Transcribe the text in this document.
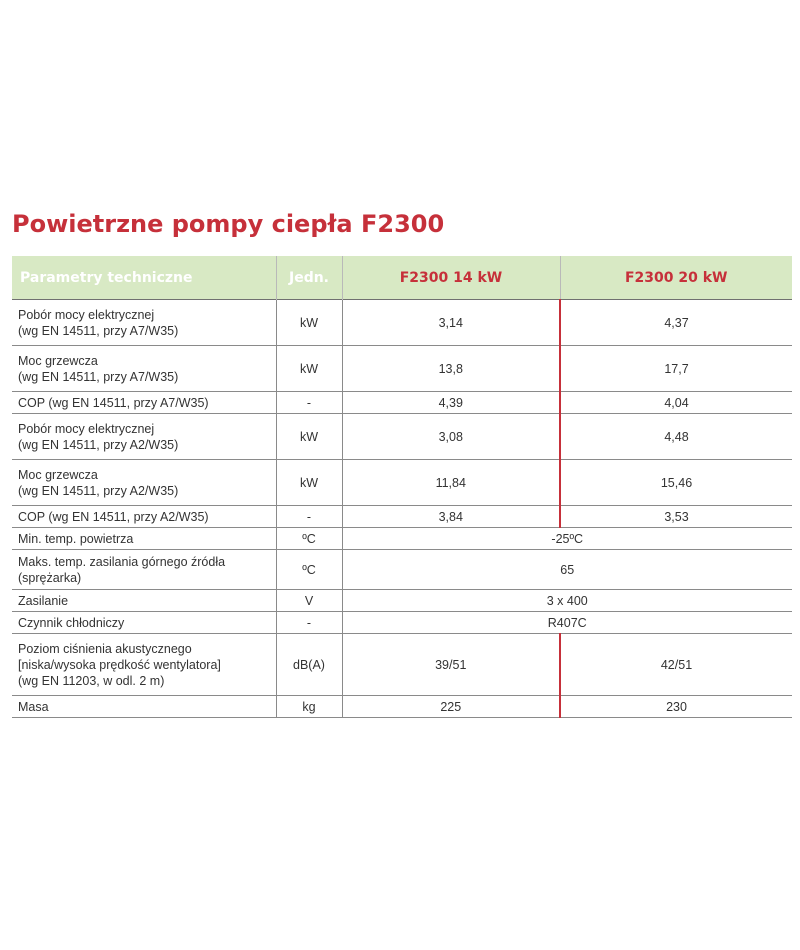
Powietrzne pompy ciepła F2300
Parametry techniczne	Jedn.	F2300 14 kW	F2300 20 kW

Pobór mocy elektrycznej
(wg EN 14511, przy A7/W35)	kW	3,14	4,37

Moc grzewcza
(wg EN 14511, przy A7/W35)	kW	13,8	17,7

COP (wg EN 14511, przy A7/W35)	-	4,39	4,04

Pobór mocy elektrycznej
(wg EN 14511, przy A2/W35)	kW	3,08	4,48

Moc grzewcza
(wg EN 14511, przy A2/W35)	kW	11,84	15,46

COP (wg EN 14511, przy A2/W35)	-	3,84	3,53

Min. temp. powietrza	ºC	-25ºC	

Maks. temp. zasilania górnego źródła
(sprężarka)	ºC	65	

Zasilanie	V	3 x 400	

Czynnik chłodniczy	-	R407C	

Poziom ciśnienia akustycznego
[niska/wysoka prędkość wentylatora]
(wg EN 11203, w odl. 2 m)	dB(A)	39/51	42/51

Masa	kg	225	230
